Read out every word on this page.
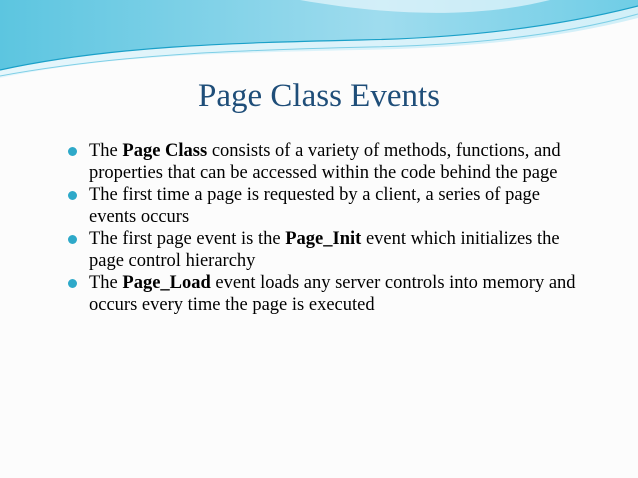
Page Class Events
The Page Class consists of a variety of methods, functions, and properties that can be accessed within the code behind the page
The first time a page is requested by a client, a series of page events occurs
The first page event is the Page_Init event which initializes the page control hierarchy
The Page_Load event loads any server controls into memory and occurs every time the page is executed
